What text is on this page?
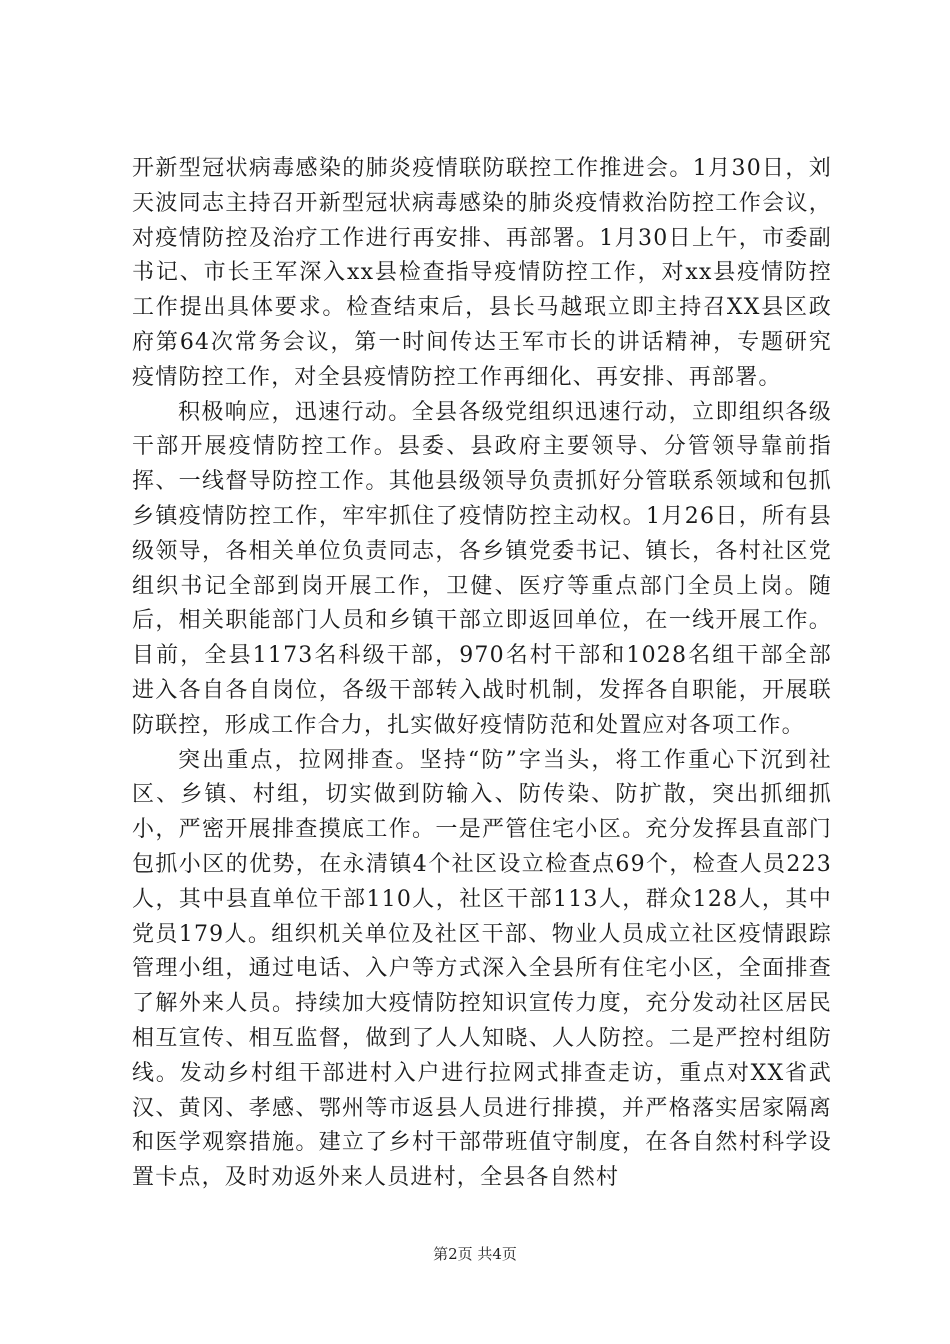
开新型冠状病毒感染的肺炎疫情联防联控工作推进会。1月30日，刘天波同志主持召开新型冠状病毒感染的肺炎疫情救治防控工作会议，对疫情防控及治疗工作进行再安排、再部署。1月30日上午，市委副书记、市长王军深入xx县检查指导疫情防控工作，对xx县疫情防控工作提出具体要求。检查结束后，县长马越珉立即主持召XX县区政府第64次常务会议，第一时间传达王军市长的讲话精神，专题研究疫情防控工作，对全县疫情防控工作再细化、再安排、再部署。

积极响应，迅速行动。全县各级党组织迅速行动，立即组织各级干部开展疫情防控工作。县委、县政府主要领导、分管领导靠前指挥、一线督导防控工作。其他县级领导负责抓好分管联系领域和包抓乡镇疫情防控工作，牢牢抓住了疫情防控主动权。1月26日，所有县级领导，各相关单位负责同志，各乡镇党委书记、镇长，各村社区党组织书记全部到岗开展工作，卫健、医疗等重点部门全员上岗。随后，相关职能部门人员和乡镇干部立即返回单位，在一线开展工作。目前，全县1173名科级干部，970名村干部和1028名组干部全部进入各自各自岗位，各级干部转入战时机制，发挥各自职能，开展联防联控，形成工作合力，扎实做好疫情防范和处置应对各项工作。

突出重点，拉网排查。坚持“防”字当头，将工作重心下沉到社区、乡镇、村组，切实做到防输入、防传染、防扩散，突出抓细抓小，严密开展排查摸底工作。一是严管住宅小区。充分发挥县直部门包抓小区的优势，在永清镇4个社区设立检查点69个，检查人员223人，其中县直单位干部110人，社区干部113人，群众128人，其中党员179人。组织机关单位及社区干部、物业人员成立社区疫情跟踪管理小组，通过电话、入户等方式深入全县所有住宅小区，全面排查了解外来人员。持续加大疫情防控知识宣传力度，充分发动社区居民相互宣传、相互监督，做到了人人知晓、人人防控。二是严控村组防线。发动乡村组干部进村入户进行拉网式排查走访，重点对XX省武汉、黄冈、孝感、鄂州等市返县人员进行排摸，并严格落实居家隔离和医学观察措施。建立了乡村干部带班值守制度，在各自然村科学设置卡点，及时劝返外来人员进村，全县各自然村

第2页 共4页
